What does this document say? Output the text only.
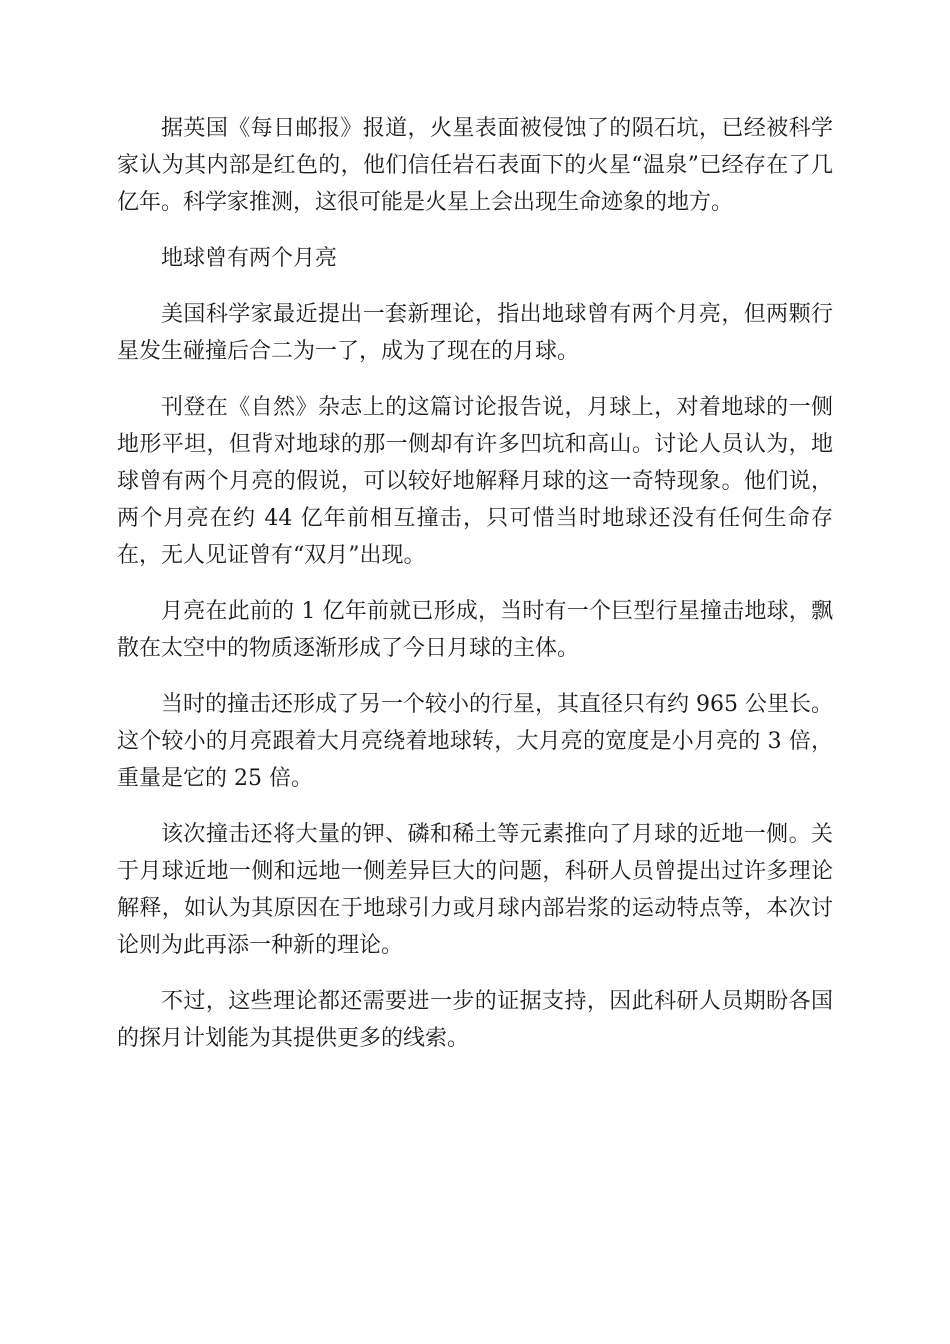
据英国《每日邮报》报道，火星表面被侵蚀了的陨石坑，已经被科学家认为其内部是红色的，他们信任岩石表面下的火星“温泉”已经存在了几亿年。科学家推测，这很可能是火星上会出现生命迹象的地方。

地球曾有两个月亮

美国科学家最近提出一套新理论，指出地球曾有两个月亮，但两颗行星发生碰撞后合二为一了，成为了现在的月球。

刊登在《自然》杂志上的这篇讨论报告说，月球上，对着地球的一侧地形平坦，但背对地球的那一侧却有许多凹坑和高山。讨论人员认为，地球曾有两个月亮的假说，可以较好地解释月球的这一奇特现象。他们说，两个月亮在约 44 亿年前相互撞击，只可惜当时地球还没有任何生命存在，无人见证曾有“双月”出现。

月亮在此前的 1 亿年前就已形成，当时有一个巨型行星撞击地球，飘散在太空中的物质逐渐形成了今日月球的主体。

当时的撞击还形成了另一个较小的行星，其直径只有约 965 公里长。这个较小的月亮跟着大月亮绕着地球转，大月亮的宽度是小月亮的 3 倍，重量是它的 25 倍。

该次撞击还将大量的钾、磷和稀土等元素推向了月球的近地一侧。关于月球近地一侧和远地一侧差异巨大的问题，科研人员曾提出过许多理论解释，如认为其原因在于地球引力或月球内部岩浆的运动特点等，本次讨论则为此再添一种新的理论。

不过，这些理论都还需要进一步的证据支持，因此科研人员期盼各国的探月计划能为其提供更多的线索。
